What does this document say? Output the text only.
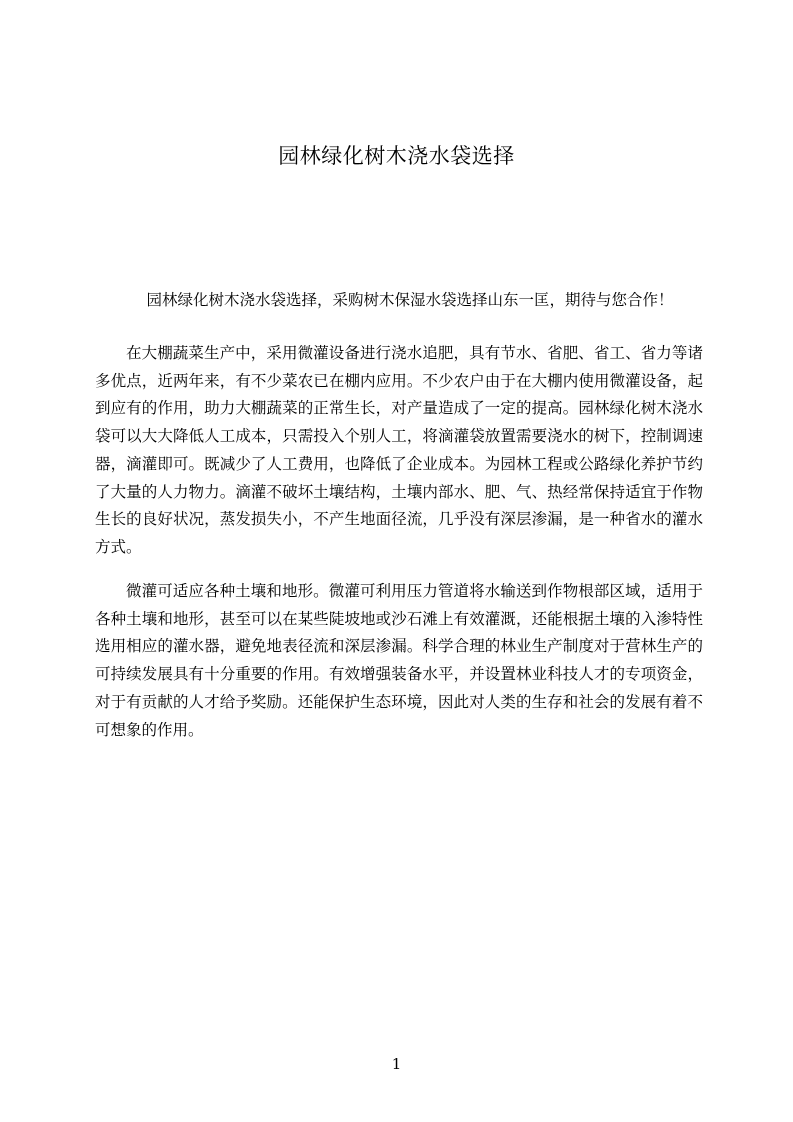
园林绿化树木浇水袋选择

园林绿化树木浇水袋选择，采购树木保湿水袋选择山东一匡，期待与您合作！

在大棚蔬菜生产中，采用微灌设备进行浇水追肥，具有节水、省肥、省工、省力等诸多优点，近两年来，有不少菜农已在棚内应用。不少农户由于在大棚内使用微灌设备，起到应有的作用，助力大棚蔬菜的正常生长，对产量造成了一定的提高。园林绿化树木浇水袋可以大大降低人工成本，只需投入个别人工，将滴灌袋放置需要浇水的树下，控制调速器，滴灌即可。既减少了人工费用，也降低了企业成本。为园林工程或公路绿化养护节约了大量的人力物力。滴灌不破坏土壤结构，土壤内部水、肥、气、热经常保持适宜于作物生长的良好状况，蒸发损失小，不产生地面径流，几乎没有深层渗漏，是一种省水的灌水方式。

微灌可适应各种土壤和地形。微灌可利用压力管道将水输送到作物根部区域，适用于各种土壤和地形，甚至可以在某些陡坡地或沙石滩上有效灌溉，还能根据土壤的入渗特性选用相应的灌水器，避免地表径流和深层渗漏。科学合理的林业生产制度对于营林生产的可持续发展具有十分重要的作用。有效增强装备水平，并设置林业科技人才的专项资金，对于有贡献的人才给予奖励。还能保护生态环境，因此对人类的生存和社会的发展有着不可想象的作用。

1
